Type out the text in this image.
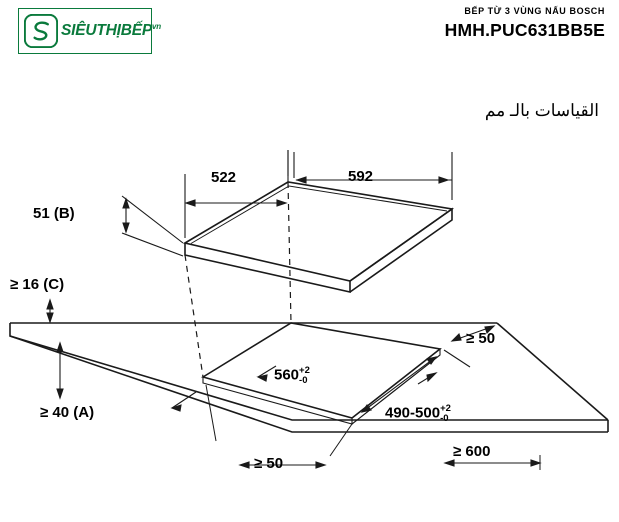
SIÊUTHỊBẾP$^{vn}$
BẾP TỪ 3 VÙNG NẤU BOSCH
HMH.PUC631BB5E
القياسات بالـ مم
522	592
51 (B)
≥ 16 (C)
≥ 40 (A)
560 +2
-0
490-500 +2
-0
≥ 50
≥ 50
≥ 600
